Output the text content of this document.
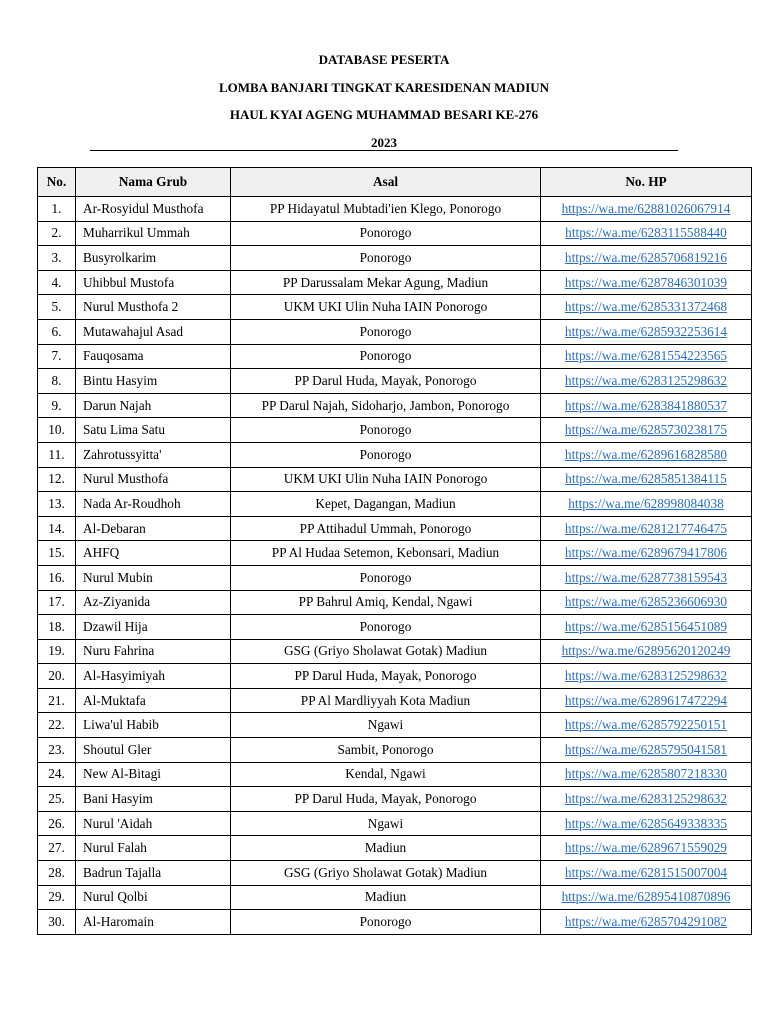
DATABASE PESERTA
LOMBA BANJARI TINGKAT KARESIDENAN MADIUN
HAUL KYAI AGENG MUHAMMAD BESARI KE-276
2023
No.	Nama Grub	Asal	No. HP
1.	Ar-Rosyidul Musthofa	PP Hidayatul Mubtadi'ien Klego, Ponorogo	https://wa.me/62881026067914
2.	Muharrikul Ummah	Ponorogo	https://wa.me/6283115588440
3.	Busyrolkarim	Ponorogo	https://wa.me/6285706819216
4.	Uhibbul Mustofa	PP Darussalam Mekar Agung, Madiun	https://wa.me/6287846301039
5.	Nurul Musthofa 2	UKM UKI Ulin Nuha IAIN Ponorogo	https://wa.me/6285331372468
6.	Mutawahajul Asad	Ponorogo	https://wa.me/6285932253614
7.	Fauqosama	Ponorogo	https://wa.me/6281554223565
8.	Bintu Hasyim	PP Darul Huda, Mayak, Ponorogo	https://wa.me/6283125298632
9.	Darun Najah	PP Darul Najah, Sidoharjo, Jambon, Ponorogo	https://wa.me/6283841880537
10.	Satu Lima Satu	Ponorogo	https://wa.me/6285730238175
11.	Zahrotussyitta'	Ponorogo	https://wa.me/6289616828580
12.	Nurul Musthofa	UKM UKI Ulin Nuha IAIN Ponorogo	https://wa.me/6285851384115
13.	Nada Ar-Roudhoh	Kepet, Dagangan, Madiun	https://wa.me/628998084038
14.	Al-Debaran	PP Attihadul Ummah, Ponorogo	https://wa.me/6281217746475
15.	AHFQ	PP Al Hudaa Setemon, Kebonsari, Madiun	https://wa.me/6289679417806
16.	Nurul Mubin	Ponorogo	https://wa.me/6287738159543
17.	Az-Ziyanida	PP Bahrul Amiq, Kendal, Ngawi	https://wa.me/6285236606930
18.	Dzawil Hija	Ponorogo	https://wa.me/6285156451089
19.	Nuru Fahrina	GSG (Griyo Sholawat Gotak) Madiun	https://wa.me/62895620120249
20.	Al-Hasyimiyah	PP Darul Huda, Mayak, Ponorogo	https://wa.me/6283125298632
21.	Al-Muktafa	PP Al Mardliyyah Kota Madiun	https://wa.me/6289617472294
22.	Liwa'ul Habib	Ngawi	https://wa.me/6285792250151
23.	Shoutul Gler	Sambit, Ponorogo	https://wa.me/6285795041581
24.	New Al-Bitagi	Kendal, Ngawi	https://wa.me/6285807218330
25.	Bani Hasyim	PP Darul Huda, Mayak, Ponorogo	https://wa.me/6283125298632
26.	Nurul 'Aidah	Ngawi	https://wa.me/6285649338335
27.	Nurul Falah	Madiun	https://wa.me/6289671559029
28.	Badrun Tajalla	GSG (Griyo Sholawat Gotak) Madiun	https://wa.me/6281515007004
29.	Nurul Qolbi	Madiun	https://wa.me/62895410870896
30.	Al-Haromain	Ponorogo	https://wa.me/6285704291082
